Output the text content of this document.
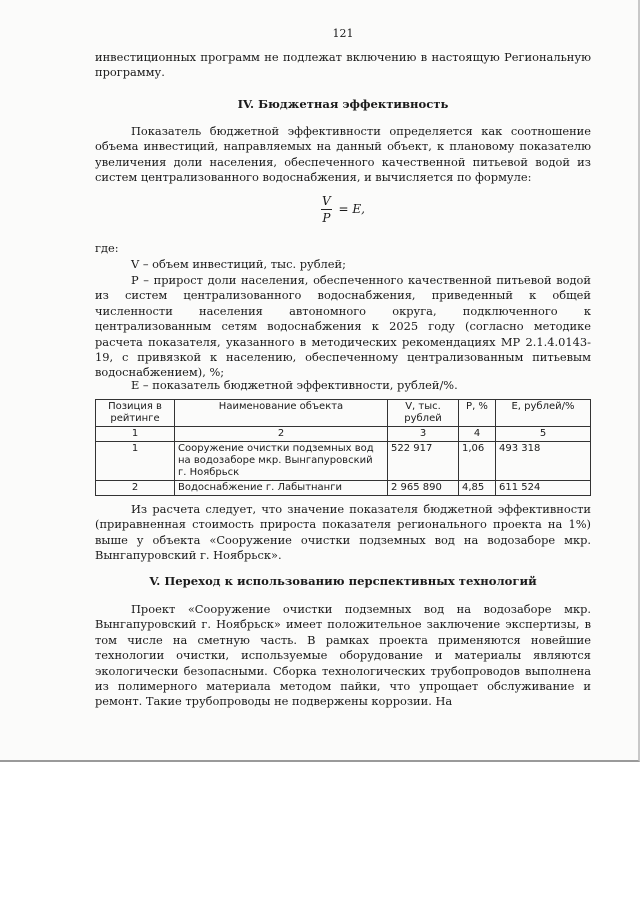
121

инвестиционных программ не подлежат включению в настоящую Региональную программу.

IV. Бюджетная эффективность

Показатель бюджетной эффективности определяется как соотношение объема инвестиций, направляемых на данный объект, к плановому показателю увеличения доли населения, обеспеченного качественной питьевой водой из систем централизованного водоснабжения, и вычисляется по формуле:

$\frac{V}{P} = E$,

где:

V – объем инвестиций, тыс. рублей;

P – прирост доли населения, обеспеченного качественной питьевой водой из систем централизованного водоснабжения, приведенный к общей численности населения автономного округа, подключенного к централизованным сетям водоснабжения к 2025 году (согласно методике расчета показателя, указанного в методических рекомендациях МР 2.1.4.0143-19, с привязкой к населению, обеспеченному централизованным питьевым водоснабжением), %;

E – показатель бюджетной эффективности, рублей/%.

Позиция в рейтинге	Наименование объекта	V, тыс. рублей	P, %	E, рублей/%
1	2	3	4	5
1	Сооружение очистки подземных вод на водозаборе мкр. Вынгапуровский г. Ноябрьск	522 917	1,06	493 318
2	Водоснабжение г. Лабытнанги	2 965 890	4,85	611 524

Из расчета следует, что значение показателя бюджетной эффективности (приравненная стоимость прироста показателя регионального проекта на 1%) выше у объекта «Сооружение очистки подземных вод на водозаборе мкр. Вынгапуровский г. Ноябрьск».

V. Переход к использованию перспективных технологий

Проект «Сооружение очистки подземных вод на водозаборе мкр. Вынгапуровский г. Ноябрьск» имеет положительное заключение экспертизы, в том числе на сметную часть. В рамках проекта применяются новейшие технологии очистки, используемые оборудование и материалы являются экологически безопасными. Сборка технологических трубопроводов выполнена из полимерного материала методом пайки, что упрощает обслуживание и ремонт. Такие трубопроводы не подвержены коррозии. На
